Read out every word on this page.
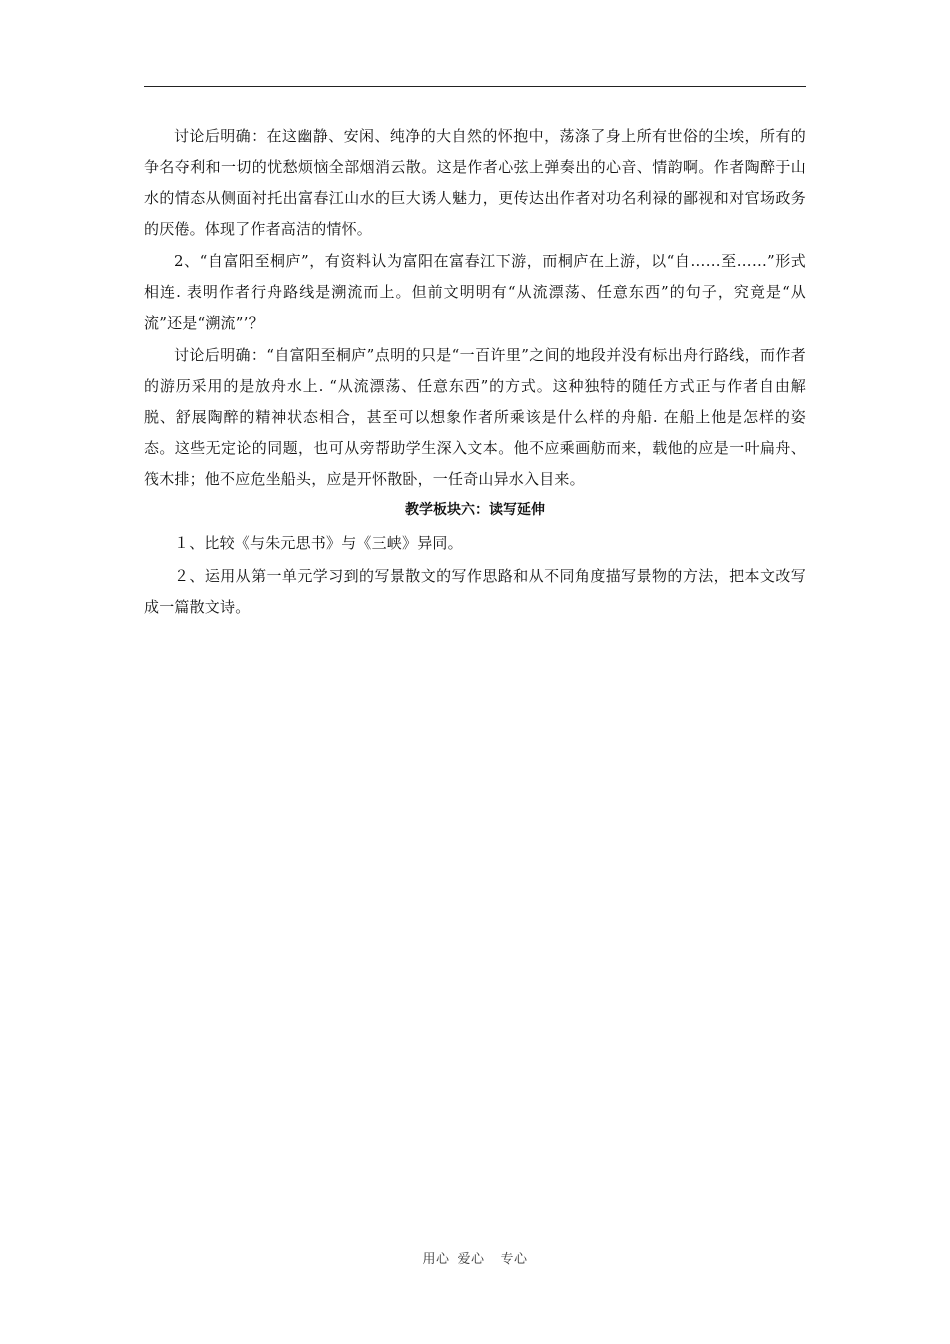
讨论后明确：在这幽静、安闲、纯净的大自然的怀抱中，荡涤了身上所有世俗的尘埃，所有的争名夺利和一切的忧愁烦恼全部烟消云散。这是作者心弦上弹奏出的心音、情韵啊。作者陶醉于山水的情态从侧面衬托出富春江山水的巨大诱人魅力，更传达出作者对功名利禄的鄙视和对官场政务的厌倦。体现了作者高洁的情怀。

2、“自富阳至桐庐”，有资料认为富阳在富春江下游，而桐庐在上游，以“自……至……”形式相连. 表明作者行舟路线是溯流而上。但前文明明有“从流漂荡、任意东西”的句子，究竟是“从流”还是“溯流”’？

讨论后明确：“自富阳至桐庐”点明的只是“一百许里”之间的地段并没有标出舟行路线，而作者的游历采用的是放舟水上. “从流漂荡、任意东西”的方式。这种独特的随任方式正与作者自由解脱、舒展陶醉的精神状态相合，甚至可以想象作者所乘该是什么样的舟船. 在船上他是怎样的姿态。这些无定论的同题，也可从旁帮助学生深入文本。他不应乘画舫而来，载他的应是一叶扁舟、筏木排；他不应危坐船头，应是开怀散卧，一任奇山异水入目来。

教学板块六：读写延伸

１、比较《与朱元思书》与《三峡》异同。

２、运用从第一单元学习到的写景散文的写作思路和从不同角度描写景物的方法，把本文改写成一篇散文诗。

用心 爱心 专心
